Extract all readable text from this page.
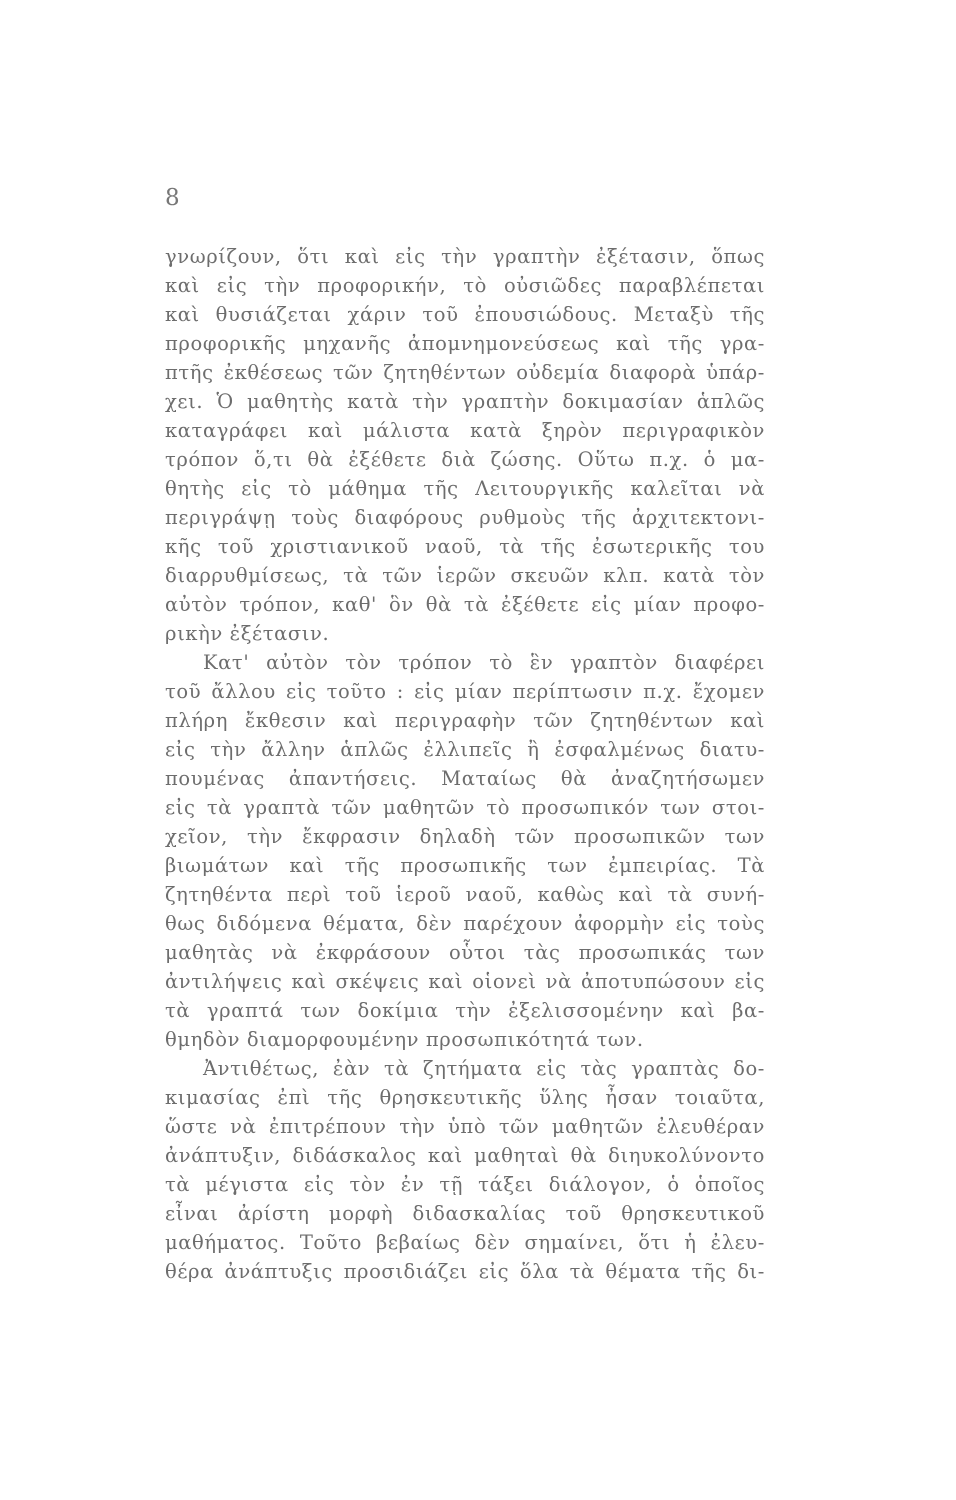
8
γνωρίζουν, ὅτι καὶ εἰς τὴν γραπτὴν ἐξέτασιν, ὅπως
καὶ εἰς τὴν προφορικήν, τὸ οὐσιῶδες παραβλέπεται
καὶ θυσιάζεται χάριν τοῦ ἐπουσιώδους. Μεταξὺ τῆς
προφορικῆς μηχανῆς ἀπομνημονεύσεως καὶ τῆς γρα-
πτῆς ἐκθέσεως τῶν ζητηθέντων οὐδεμία διαφορὰ ὑπάρ-
χει. Ὁ μαθητὴς κατὰ τὴν γραπτὴν δοκιμασίαν ἁπλῶς
καταγράφει καὶ μάλιστα κατὰ ξηρὸν περιγραφικὸν
τρόπον ὅ,τι θὰ ἐξέθετε διὰ ζώσης. Οὕτω π.χ. ὁ μα-
θητὴς εἰς τὸ μάθημα τῆς Λειτουργικῆς καλεῖται νὰ
περιγράψῃ τοὺς διαφόρους ρυθμοὺς τῆς ἀρχιτεκτονι-
κῆς τοῦ χριστιανικοῦ ναοῦ, τὰ τῆς ἐσωτερικῆς του
διαρρυθμίσεως, τὰ τῶν ἱερῶν σκευῶν κλπ. κατὰ τὸν
αὐτὸν τρόπον, καθ' ὃν θὰ τὰ ἐξέθετε εἰς μίαν προφο-
ρικὴν ἐξέτασιν.
Κατ' αὐτὸν τὸν τρόπον τὸ ἓν γραπτὸν διαφέρει
τοῦ ἄλλου εἰς τοῦτο : εἰς μίαν περίπτωσιν π.χ. ἔχομεν
πλήρη ἔκθεσιν καὶ περιγραφὴν τῶν ζητηθέντων καὶ
εἰς τὴν ἄλλην ἁπλῶς ἐλλιπεῖς ἢ ἐσφαλμένως διατυ-
πουμένας ἀπαντήσεις. Ματαίως θὰ ἀναζητήσωμεν
εἰς τὰ γραπτὰ τῶν μαθητῶν τὸ προσωπικόν των στοι-
χεῖον, τὴν ἔκφρασιν δηλαδὴ τῶν προσωπικῶν των
βιωμάτων καὶ τῆς προσωπικῆς των ἐμπειρίας. Τὰ
ζητηθέντα περὶ τοῦ ἱεροῦ ναοῦ, καθὼς καὶ τὰ συνή-
θως διδόμενα θέματα, δὲν παρέχουν ἀφορμὴν εἰς τοὺς
μαθητὰς νὰ ἐκφράσουν οὗτοι τὰς προσωπικάς των
ἀντιλήψεις καὶ σκέψεις καὶ οἱονεὶ νὰ ἀποτυπώσουν εἰς
τὰ γραπτά των δοκίμια τὴν ἐξελισσομένην καὶ βα-
θμηδὸν διαμορφουμένην προσωπικότητά των.
Ἀντιθέτως, ἐὰν τὰ ζητήματα εἰς τὰς γραπτὰς δο-
κιμασίας ἐπὶ τῆς θρησκευτικῆς ὕλης ἦσαν τοιαῦτα,
ὥστε νὰ ἐπιτρέπουν τὴν ὑπὸ τῶν μαθητῶν ἐλευθέραν
ἀνάπτυξιν, διδάσκαλος καὶ μαθηταὶ θὰ διηυκολύνοντο
τὰ μέγιστα εἰς τὸν ἐν τῇ τάξει διάλογον, ὁ ὁποῖος
εἶναι ἀρίστη μορφὴ διδασκαλίας τοῦ θρησκευτικοῦ
μαθήματος. Τοῦτο βεβαίως δὲν σημαίνει, ὅτι ἡ ἐλευ-
θέρα ἀνάπτυξις προσιδιάζει εἰς ὅλα τὰ θέματα τῆς δι-
